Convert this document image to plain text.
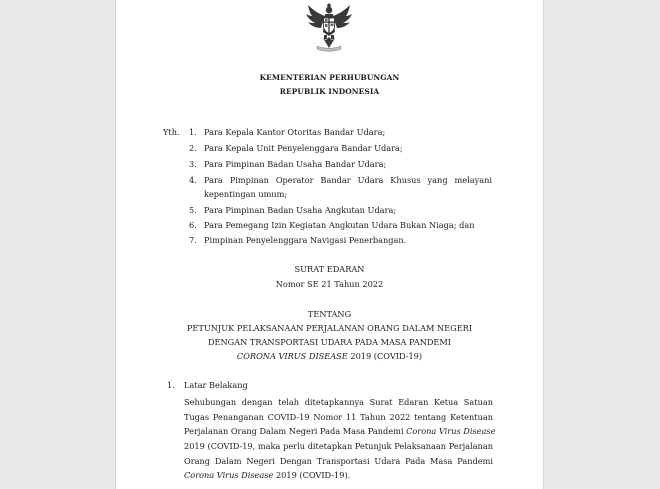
KEMENTERIAN PERHUBUNGAN
REPUBLIK INDONESIA
Yth. 1. Para Kepala Kantor Otoritas Bandar Udara;
2. Para Kepala Unit Penyelenggara Bandar Udara;
3. Para Pimpinan Badan Usaha Bandar Udara;
4. Para Pimpinan Operator Bandar Udara Khusus yang melayani
kepentingan umum;
5. Para Pimpinan Badan Usaha Angkutan Udara;
6. Para Pemegang Izin Kegiatan Angkutan Udara Bukan Niaga; dan
7. Pimpinan Penyelenggara Navigasi Penerbangan.
SURAT EDARAN
Nomor SE 21 Tahun 2022
TENTANG
PETUNJUK PELAKSANAAN PERJALANAN ORANG DALAM NEGERI
DENGAN TRANSPORTASI UDARA PADA MASA PANDEMI
CORONA VIRUS DISEASE 2019 (COVID-19)
1. Latar Belakang
Sehubungan dengan telah ditetapkannya Surat Edaran Ketua Satuan
Tugas Penanganan COVID-19 Nomor 11 Tahun 2022 tentang Ketentuan
Perjalanan Orang Dalam Negeri Pada Masa Pandemi Corona Virus Disease
2019 (COVID-19, maka perlu ditetapkan Petunjuk Pelaksanaan Perjalanan
Orang Dalam Negeri Dengan Transportasi Udara Pada Masa Pandemi
Corona Virus Disease 2019 (COVID-19).
